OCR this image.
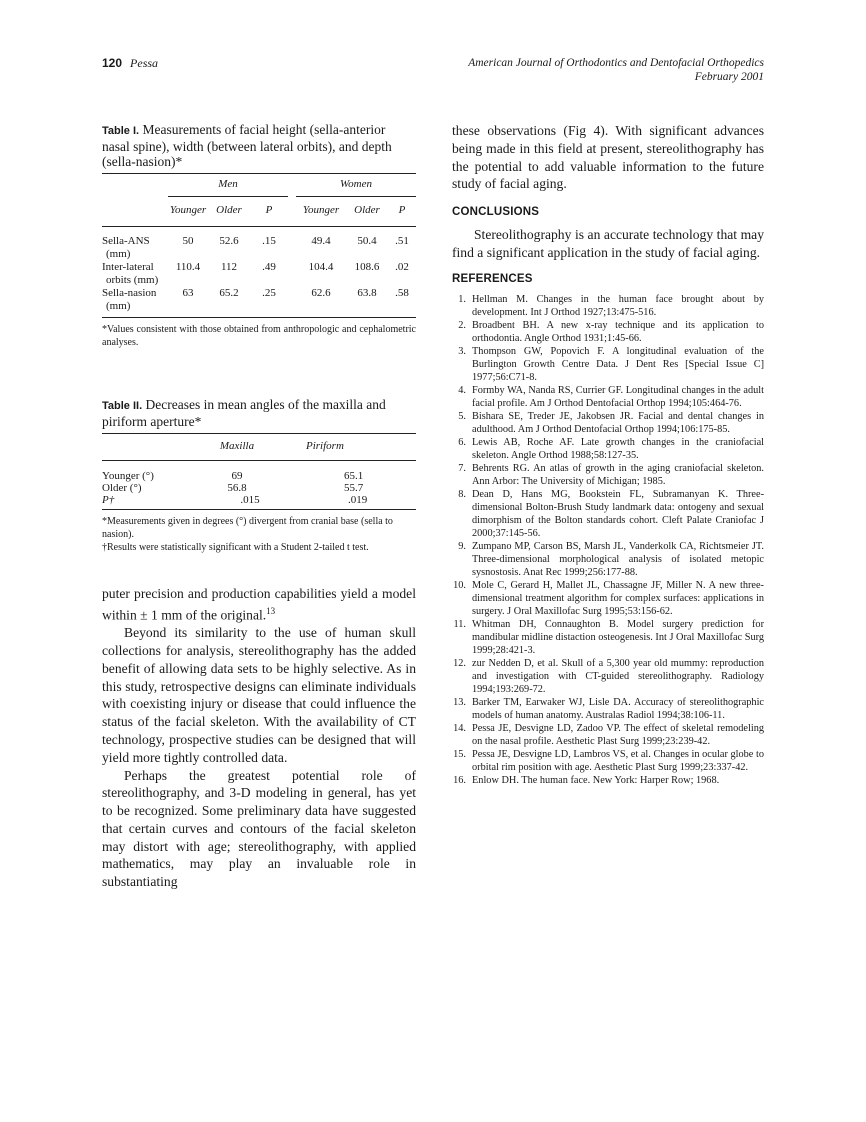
120 Pessa	American Journal of Orthodontics and Dentofacial Orthopedics
February 2001
Table I. Measurements of facial height (sella-anterior nasal spine), width (between lateral orbits), and depth (sella-nasion)*
	Men				Women		
	Younger	Older	P		Younger	Older	P

Sella-ANS
(mm)	50	52.6	.15		49.4	50.4	.51

Inter-lateral
orbits (mm)	110.4	112	.49		104.4	108.6	.02

Sella-nasion
(mm)	63	65.2	.25		62.6	63.8	.58
*Values consistent with those obtained from anthropologic and cephalometric analyses.
Table II. Decreases in mean angles of the maxilla and piriform aperture*
	Maxilla		Piriform
Younger (°)	69		65.1
Older (°)	56.8		55.7
P†	.015		.019
*Measurements given in degrees (°) divergent from cranial base (sella to nasion).
†Results were statistically significant with a Student 2-tailed t test.

puter precision and production capabilities yield a model within ± 1 mm of the original.$^{13}$

Beyond its similarity to the use of human skull collections for analysis, stereolithography has the added benefit of allowing data sets to be highly selective. As in this study, retrospective designs can eliminate individuals with coexisting injury or disease that could influence the status of the facial skeleton. With the availability of CT technology, prospective studies can be designed that will yield more tightly controlled data.

Perhaps the greatest potential role of stereolithography, and 3-D modeling in general, has yet to be recognized. Some preliminary data have suggested that certain curves and contours of the facial skeleton may distort with age; stereolithography, with applied mathematics, may play an invaluable role in substantiating

these observations (Fig 4). With significant advances being made in this field at present, stereolithography has the potential to add valuable information to the future study of facial aging.

CONCLUSIONS

Stereolithography is an accurate technology that may find a significant application in the study of facial aging.

REFERENCES
1. Hellman M. Changes in the human face brought about by development. Int J Orthod 1927;13:475-516.
2. Broadbent BH. A new x-ray technique and its application to orthodontia. Angle Orthod 1931;1:45-66.
3. Thompson GW, Popovich F. A longitudinal evaluation of the Burlington Growth Centre Data. J Dent Res [Special Issue C] 1977;56:C71-8.
4. Formby WA, Nanda RS, Currier GF. Longitudinal changes in the adult facial profile. Am J Orthod Dentofacial Orthop 1994;105:464-76.
5. Bishara SE, Treder JE, Jakobsen JR. Facial and dental changes in adulthood. Am J Orthod Dentofacial Orthop 1994;106:175-85.
6. Lewis AB, Roche AF. Late growth changes in the craniofacial skeleton. Angle Orthod 1988;58:127-35.
7. Behrents RG. An atlas of growth in the aging craniofacial skeleton. Ann Arbor: The University of Michigan; 1985.
8. Dean D, Hans MG, Bookstein FL, Subramanyan K. Three-dimensional Bolton-Brush Study landmark data: ontogeny and sexual dimorphism of the Bolton standards cohort. Cleft Palate Craniofac J 2000;37:145-56.
9. Zumpano MP, Carson BS, Marsh JL, Vanderkolk CA, Richtsmeier JT. Three-dimensional morphological analysis of isolated metopic sysnostosis. Anat Rec 1999;256:177-88.
10. Mole C, Gerard H, Mallet JL, Chassagne JF, Miller N. A new three-dimensional treatment algorithm for complex surfaces: applications in surgery. J Oral Maxillofac Surg 1995;53:156-62.
11. Whitman DH, Connaughton B. Model surgery prediction for mandibular midline distaction osteogenesis. Int J Oral Maxillofac Surg 1999;28:421-3.
12. zur Nedden D, et al. Skull of a 5,300 year old mummy: reproduction and investigation with CT-guided stereolithography. Radiology 1994;193:269-72.
13. Barker TM, Earwaker WJ, Lisle DA. Accuracy of stereolithographic models of human anatomy. Australas Radiol 1994;38:106-11.
14. Pessa JE, Desvigne LD, Zadoo VP. The effect of skeletal remodeling on the nasal profile. Aesthetic Plast Surg 1999;23:239-42.
15. Pessa JE, Desvigne LD, Lambros VS, et al. Changes in ocular globe to orbital rim position with age. Aesthetic Plast Surg 1999;23:337-42.
16. Enlow DH. The human face. New York: Harper Row; 1968.
